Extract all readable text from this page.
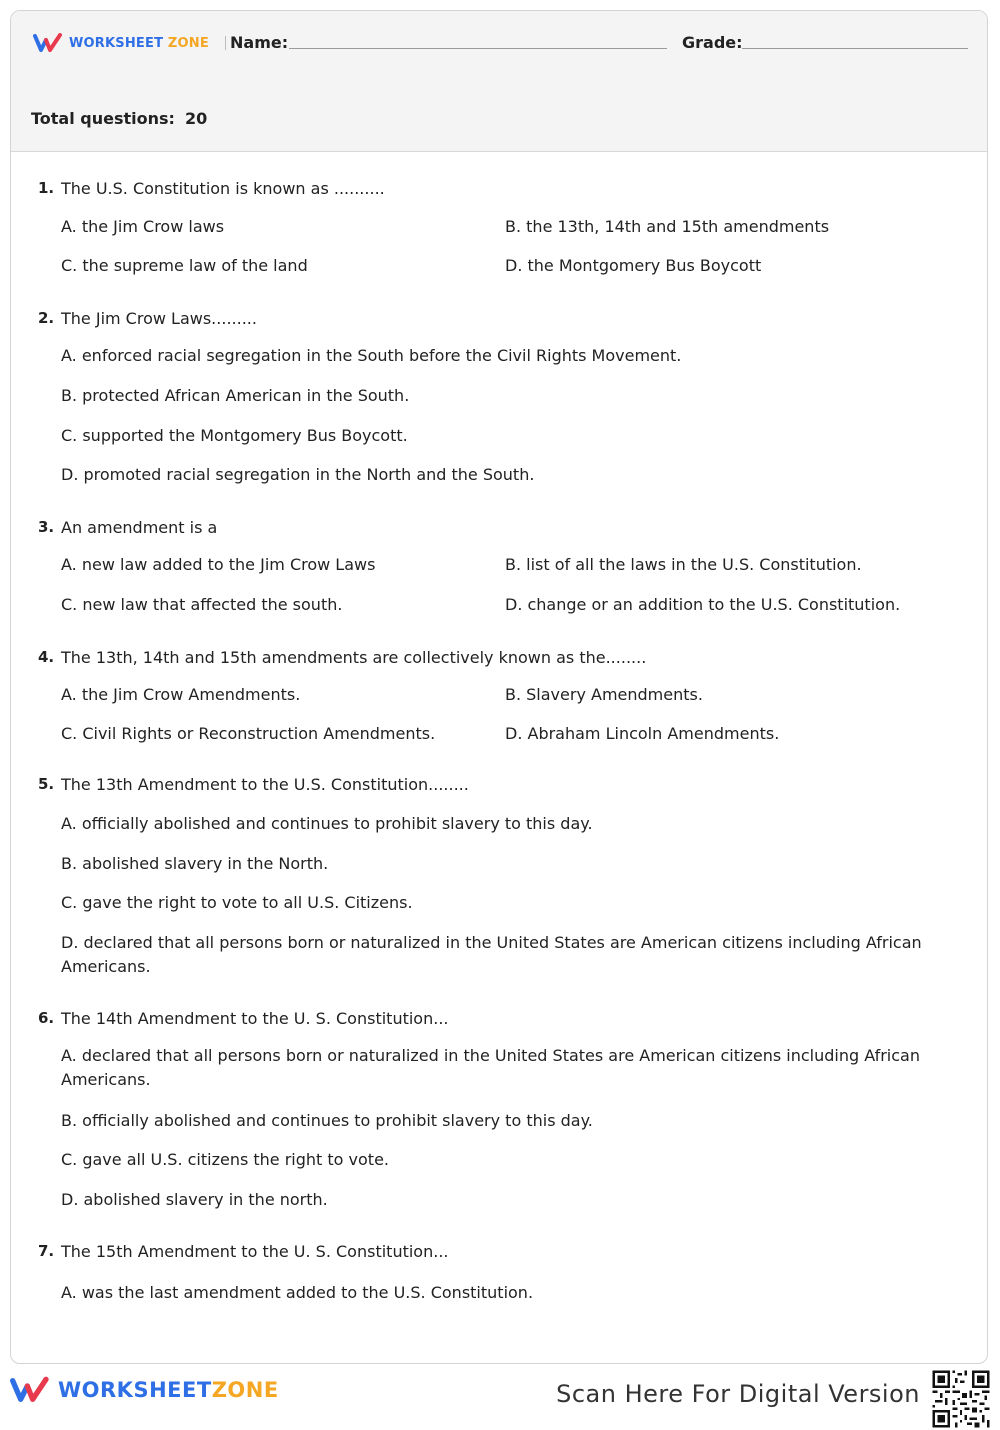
WORKSHEET ZONE Name:	Grade:
Total questions: 20
1. The U.S. Constitution is known as ..........
A. the Jim Crow laws	B. the 13th, 14th and 15th amendments
C. the supreme law of the land	D. the Montgomery Bus Boycott
2. The Jim Crow Laws.........
A. enforced racial segregation in the South before the Civil Rights Movement.
B. protected African American in the South.
C. supported the Montgomery Bus Boycott.
D. promoted racial segregation in the North and the South.
3. An amendment is a
A. new law added to the Jim Crow Laws	B. list of all the laws in the U.S. Constitution.
C. new law that affected the south.	D. change or an addition to the U.S. Constitution.
4. The 13th, 14th and 15th amendments are collectively known as the........
A. the Jim Crow Amendments.	B. Slavery Amendments.
C. Civil Rights or Reconstruction Amendments.	D. Abraham Lincoln Amendments.
5. The 13th Amendment to the U.S. Constitution........
A. officially abolished and continues to prohibit slavery to this day.
B. abolished slavery in the North.
C. gave the right to vote to all U.S. Citizens.
D. declared that all persons born or naturalized in the United States are American citizens including African Americans.
6. The 14th Amendment to the U. S. Constitution...
A. declared that all persons born or naturalized in the United States are American citizens including African Americans.
B. officially abolished and continues to prohibit slavery to this day.
C. gave all U.S. citizens the right to vote.
D. abolished slavery in the north.
7. The 15th Amendment to the U. S. Constitution...
A. was the last amendment added to the U.S. Constitution.
WORKSHEETZONE	Scan Here For Digital Version
